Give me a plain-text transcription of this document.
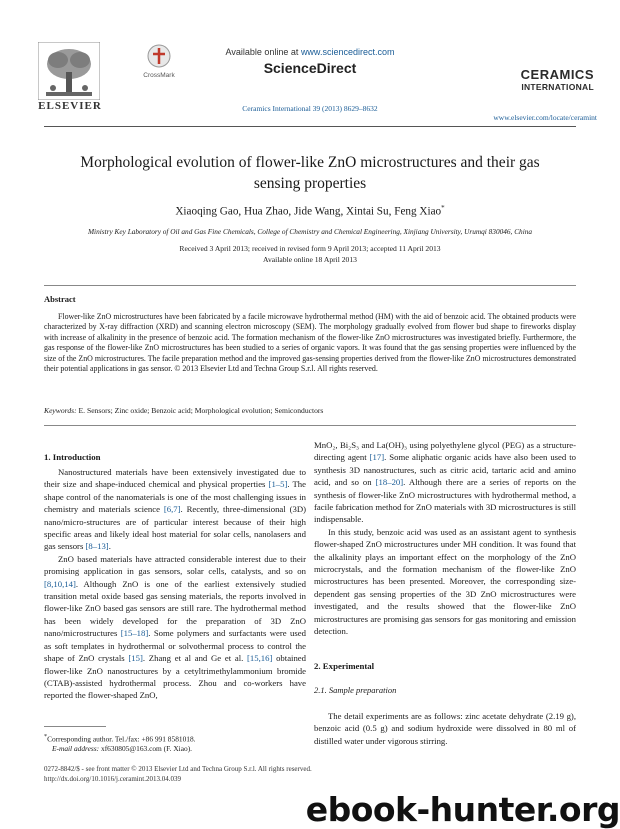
ELSEVIER
CrossMark
Available online at www.sciencedirect.com
ScienceDirect
Ceramics International 39 (2013) 8629–8632
CERAMICS
INTERNATIONAL
www.elsevier.com/locate/ceramint
Morphological evolution of flower-like ZnO microstructures and their gas
sensing properties
Xiaoqing Gao, Hua Zhao, Jide Wang, Xintai Su, Feng Xiao*
Ministry Key Laboratory of Oil and Gas Fine Chemicals, College of Chemistry and Chemical Engineering, Xinjiang University, Urumqi 830046, China
Received 3 April 2013; received in revised form 9 April 2013; accepted 11 April 2013
Available online 18 April 2013
Abstract
Flower-like ZnO microstructures have been fabricated by a facile microwave hydrothermal method (HM) with the aid of benzoic acid. The obtained products were characterized by X-ray diffraction (XRD) and scanning electron microscopy (SEM). The morphology gradually evolved from flower bud shape to fireworks display with increase of alkalinity in the presence of benzoic acid. The formation mechanism of the flower-like ZnO microstructures was investigated briefly. Furthermore, the gas response of the flower-like ZnO microstructures has been studied to a series of organic vapors. It was found that the gas sensing properties were influenced by the size of the ZnO microstructures. The facile preparation method and the improved gas-sensing properties derived from the flower-like ZnO microstructures demonstrated their potential applications in gas sensor. © 2013 Elsevier Ltd and Techna Group S.r.l. All rights reserved.
Keywords: E. Sensors; Zinc oxide; Benzoic acid; Morphological evolution; Semiconductors
1. Introduction

Nanostructured materials have been extensively investigated due to their size and shape-induced chemical and physical properties [1–5]. The shape control of the nanomaterials is one of the most challenging issues in chemistry and materials science [6,7]. Recently, three-dimensional (3D) nano/micro-structures are of particular interest because of their high specific areas and likely ideal host material for solar cells, nanolasers and gas sensors [8–13].

ZnO based materials have attracted considerable interest due to their promising application in gas sensors, solar cells, catalysts, and so on [8,10,14]. Although ZnO is one of the earliest extensively studied transition metal oxide based gas sensing materials, the reports involved in flower-like ZnO based gas sensors are still rare. The hydrothermal method has been widely developed for the preparation of 3D ZnO nano/microstructures [15–18]. Some polymers and surfactants were used as soft templates in hydrothermal or solvothermal process to control the shape of ZnO crystals [15]. Zhang et al and Ge et al. [15,16] obtained flower-like ZnO nanostructures by a cetyltrimethylammonium bromide (CTAB)-assisted hydrothermal process. Zhou and co-workers have reported the flower-shaped ZnO,

MnO₂, Bi₂S₃ and La(OH)₃ using polyethylene glycol (PEG) as a structure-directing agent [17]. Some aliphatic organic acids have also been used to synthesis 3D nanostructures, such as citric acid, tartaric acid and amino acid, and so on [18–20]. Although there are a series of reports on the synthesis of flower-like ZnO microstructures with hydrothermal method, a facile fabrication method for ZnO materials with 3D microstructures is still indispensable.

In this study, benzoic acid was used as an assistant agent to synthesis flower-shaped ZnO microstructures under MH condition. It was found that the alkalinity plays an important effect on the morphology of the ZnO microcrystals, and the formation mechanism of the flower-like ZnO microstructures has been presented. Moreover, the corresponding size-dependent gas sensing properties of the 3D ZnO microstructures were investigated, and the results showed that the flower-like ZnO microstructures are promising gas sensors for gas monitoring and emission detection.

2. Experimental
2.1. Sample preparation

The detail experiments are as follows: zinc acetate dehydrate (2.19 g), benzoic acid (0.5 g) and sodium hydroxide were dissolved in 80 ml of distilled water under vigorous stirring.

*Corresponding author. Tel./fax: +86 991 8581018.
E-mail address: xf630805@163.com (F. Xiao).
0272-8842/$ - see front matter © 2013 Elsevier Ltd and Techna Group S.r.l. All rights reserved.
http://dx.doi.org/10.1016/j.ceramint.2013.04.039
ebook-hunter.org
